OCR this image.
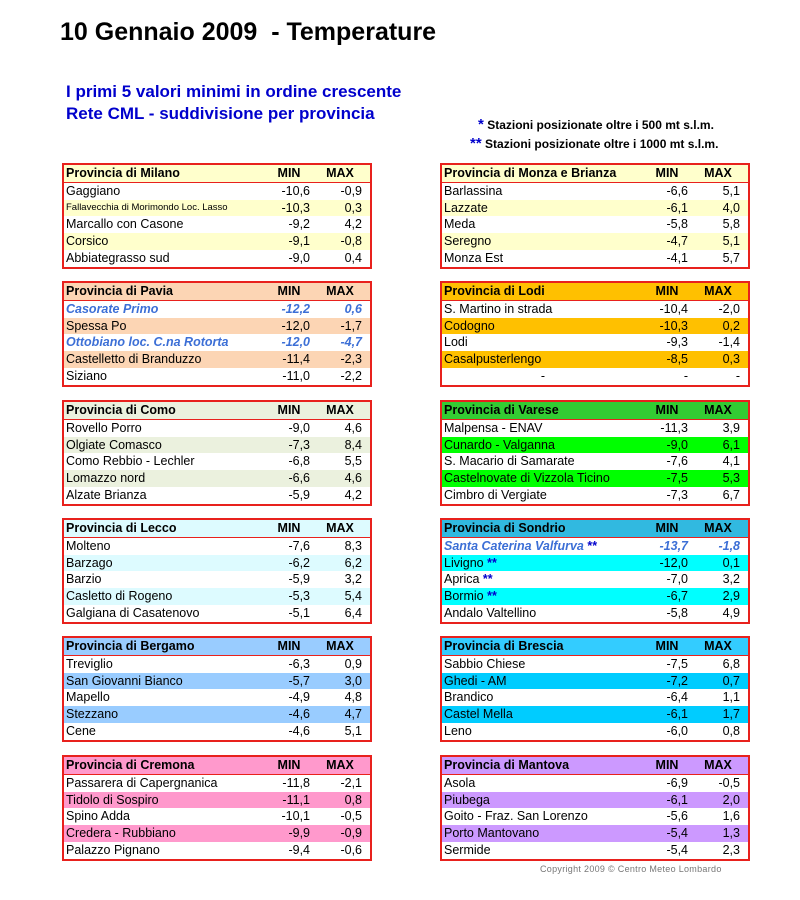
10 Gennaio 2009  - Temperature
I primi 5 valori minimi in ordine crescente
Rete CML - suddivisione per provincia
* Stazioni posizionate oltre i 500 mt s.l.m.
** Stazioni posizionate oltre i 1000 mt s.l.m.
Provincia di Milano	MIN	MAX
Gaggiano	-10,6	-0,9
Fallavecchia di Morimondo Loc. Lasso	-10,3	0,3
Marcallo con Casone	-9,2	4,2
Corsico	-9,1	-0,8
Abbiategrasso sud	-9,0	0,4
Provincia di Monza e Brianza	MIN	MAX
Barlassina	-6,6	5,1
Lazzate	-6,1	4,0
Meda	-5,8	5,8
Seregno	-4,7	5,1
Monza Est	-4,1	5,7
Provincia di Pavia	MIN	MAX
Casorate Primo	-12,2	0,6
Spessa Po	-12,0	-1,7
Ottobiano loc. C.na Rotorta	-12,0	-4,7
Castelletto di Branduzzo	-11,4	-2,3
Siziano	-11,0	-2,2
Provincia di Lodi	MIN	MAX
S. Martino in strada	-10,4	-2,0
Codogno	-10,3	0,2
Lodi	-9,3	-1,4
Casalpusterlengo	-8,5	0,3
-	-	-
Provincia di Como	MIN	MAX
Rovello Porro	-9,0	4,6
Olgiate Comasco	-7,3	8,4
Como Rebbio - Lechler	-6,8	5,5
Lomazzo nord	-6,6	4,6
Alzate Brianza	-5,9	4,2
Provincia di Varese	MIN	MAX
Malpensa - ENAV	-11,3	3,9
Cunardo - Valganna	-9,0	6,1
S. Macario di Samarate	-7,6	4,1
Castelnovate di Vizzola Ticino	-7,5	5,3
Cimbro di Vergiate	-7,3	6,7
Provincia di Lecco	MIN	MAX
Molteno	-7,6	8,3
Barzago	-6,2	6,2
Barzio	-5,9	3,2
Casletto di Rogeno	-5,3	5,4
Galgiana di Casatenovo	-5,1	6,4
Provincia di Sondrio	MIN	MAX
Santa Caterina Valfurva **	-13,7	-1,8
Livigno **	-12,0	0,1
Aprica **	-7,0	3,2
Bormio **	-6,7	2,9
Andalo Valtellino	-5,8	4,9
Provincia di Bergamo	MIN	MAX
Treviglio	-6,3	0,9
San Giovanni Bianco	-5,7	3,0
Mapello	-4,9	4,8
Stezzano	-4,6	4,7
Cene	-4,6	5,1
Provincia di Brescia	MIN	MAX
Sabbio Chiese	-7,5	6,8
Ghedi - AM	-7,2	0,7
Brandico	-6,4	1,1
Castel Mella	-6,1	1,7
Leno	-6,0	0,8
Provincia di Cremona	MIN	MAX
Passarera di Capergnanica	-11,8	-2,1
Tidolo di Sospiro	-11,1	0,8
Spino Adda	-10,1	-0,5
Credera - Rubbiano	-9,9	-0,9
Palazzo Pignano	-9,4	-0,6
Provincia di Mantova	MIN	MAX
Asola	-6,9	-0,5
Piubega	-6,1	2,0
Goito - Fraz. San Lorenzo	-5,6	1,6
Porto Mantovano	-5,4	1,3
Sermide	-5,4	2,3
Copyright 2009 © Centro Meteo Lombardo
